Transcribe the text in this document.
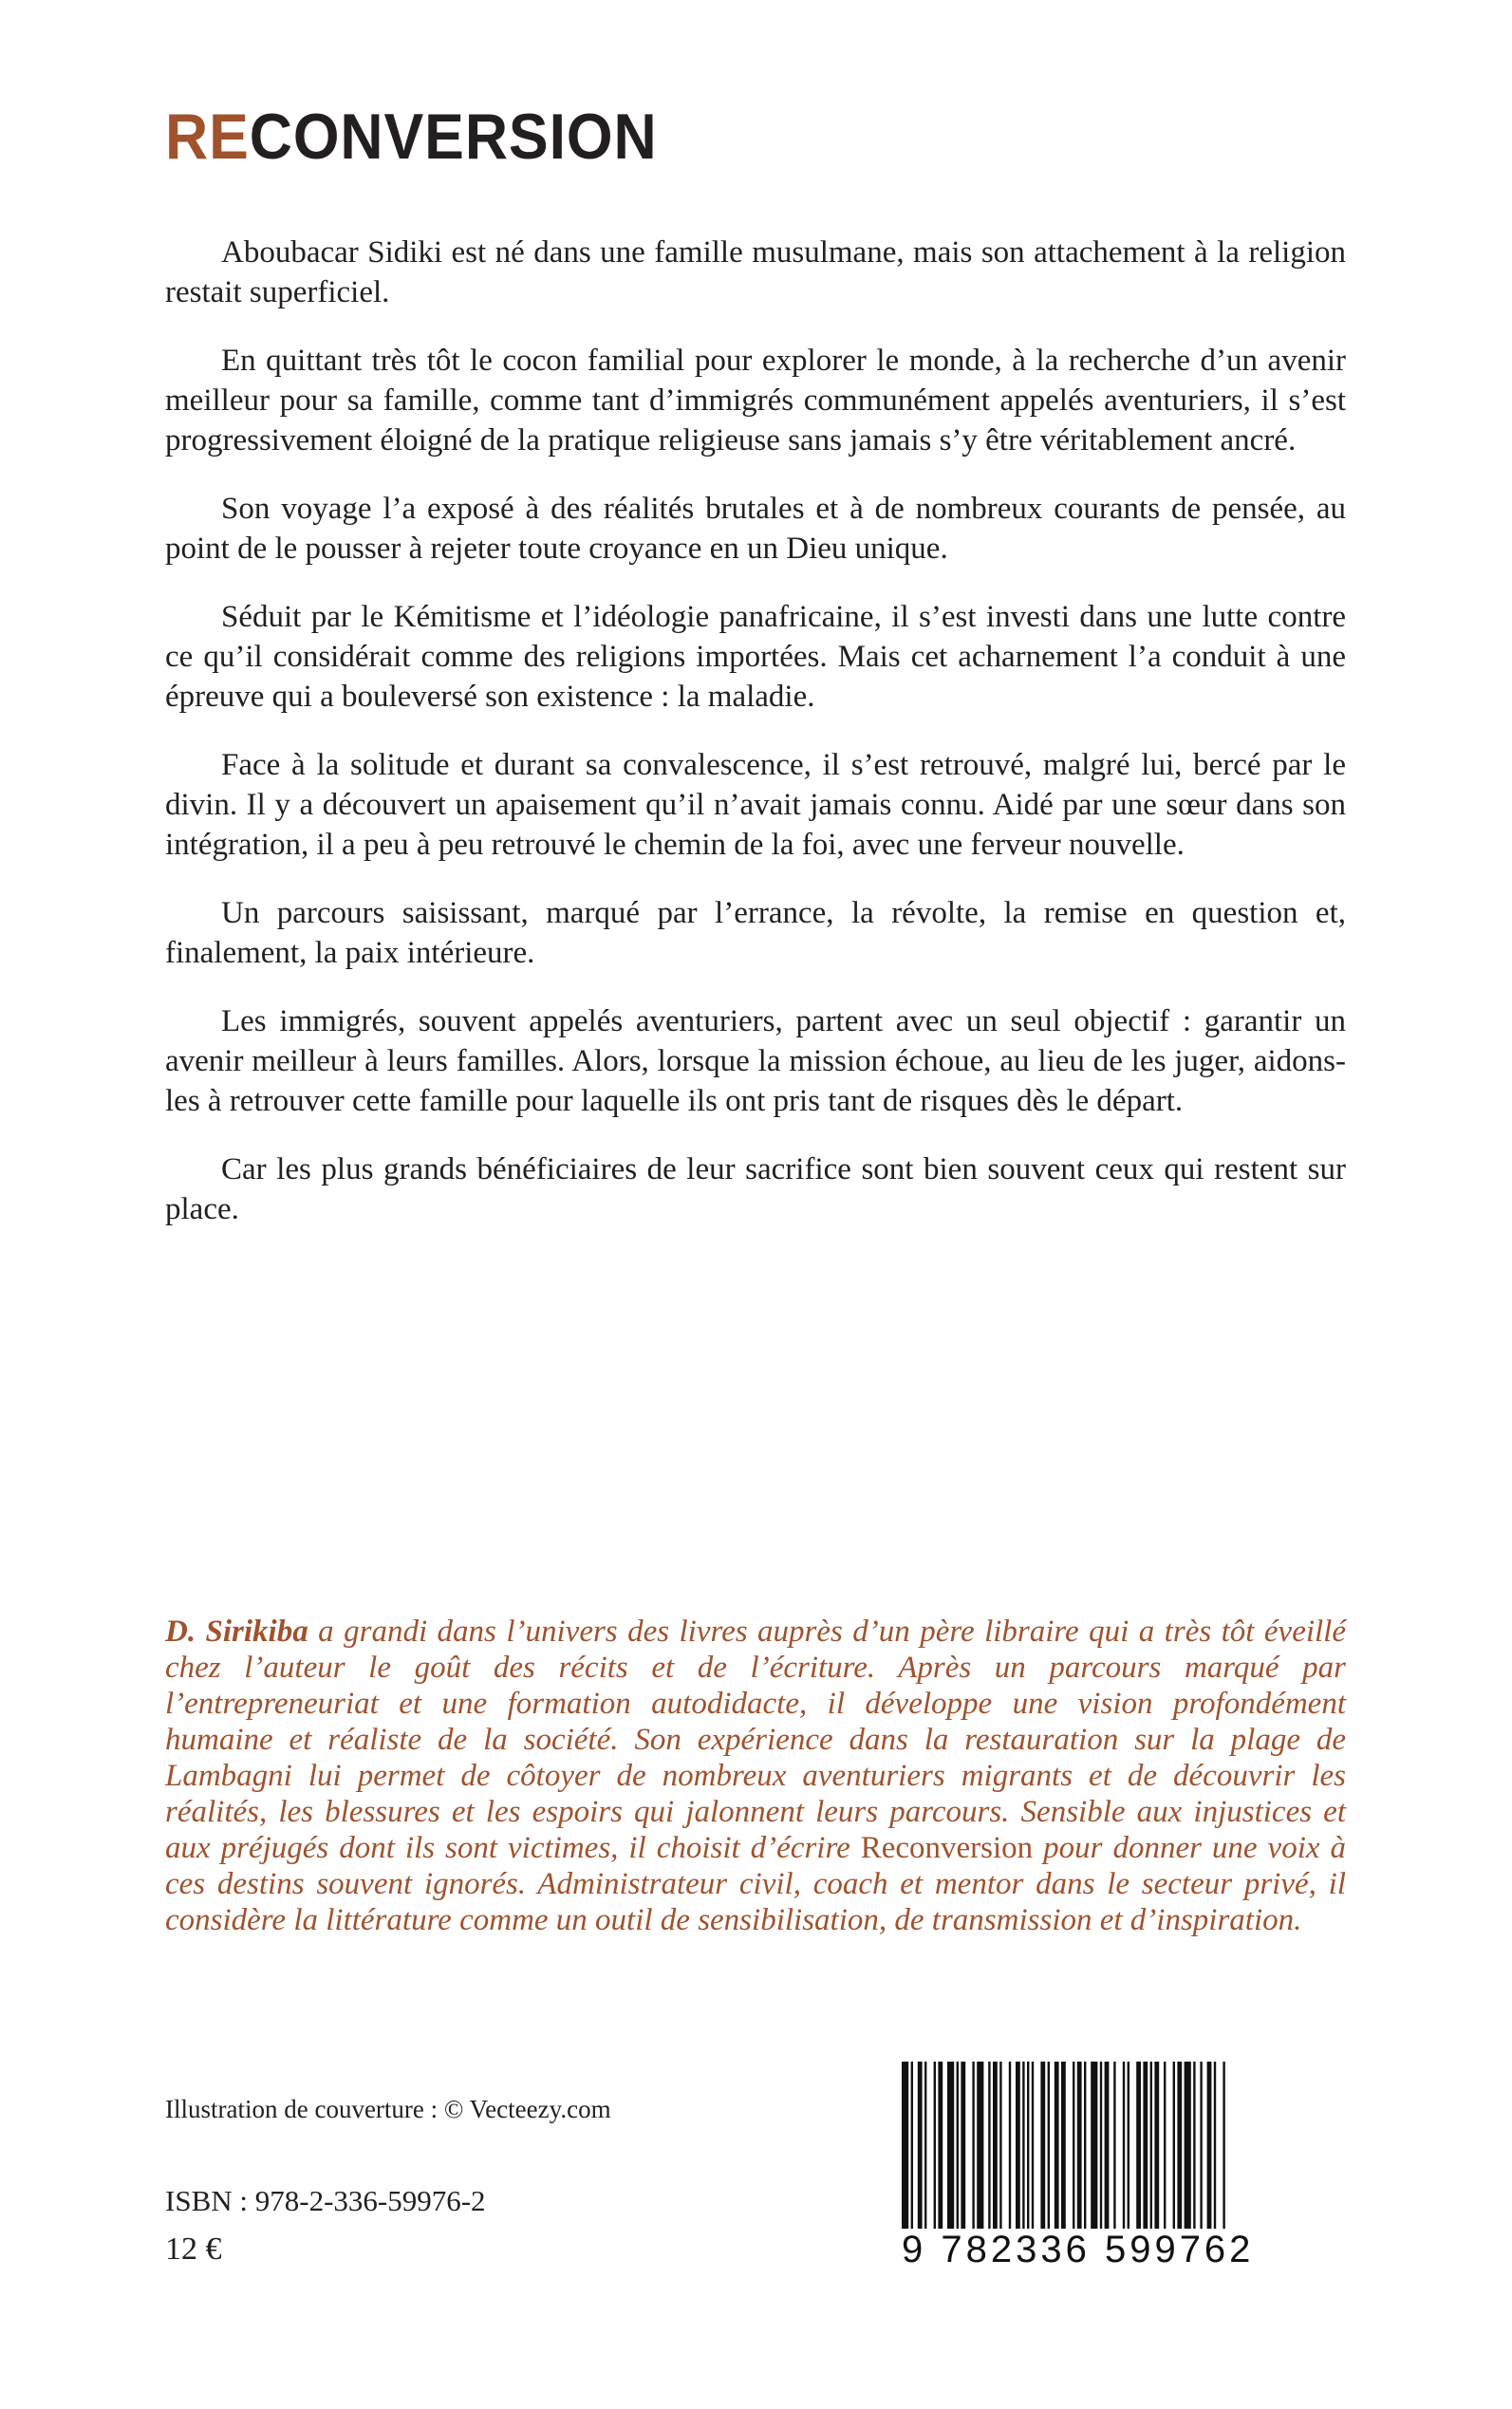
RECONVERSION

Aboubacar Sidiki est né dans une famille musulmane, mais son attachement à la religion restait superficiel.

En quittant très tôt le cocon familial pour explorer le monde, à la recherche d’un avenir meilleur pour sa famille, comme tant d’immigrés communément appelés aventuriers, il s’est progressivement éloigné de la pratique religieuse sans jamais s’y être véritablement ancré.

Son voyage l’a exposé à des réalités brutales et à de nombreux courants de pensée, au point de le pousser à rejeter toute croyance en un Dieu unique.

Séduit par le Kémitisme et l’idéologie panafricaine, il s’est investi dans une lutte contre ce qu’il considérait comme des religions importées. Mais cet acharnement l’a conduit à une épreuve qui a bouleversé son existence : la maladie.

Face à la solitude et durant sa convalescence, il s’est retrouvé, malgré lui, bercé par le divin. Il y a découvert un apaisement qu’il n’avait jamais connu. Aidé par une sœur dans son intégration, il a peu à peu retrouvé le chemin de la foi, avec une ferveur nouvelle.

Un parcours saisissant, marqué par l’errance, la révolte, la remise en question et, finalement, la paix intérieure.

Les immigrés, souvent appelés aventuriers, partent avec un seul objectif : garantir un avenir meilleur à leurs familles. Alors, lorsque la mission échoue, au lieu de les juger, aidons-les à retrouver cette famille pour laquelle ils ont pris tant de risques dès le départ.

Car les plus grands bénéficiaires de leur sacrifice sont bien souvent ceux qui restent sur place.

D. Sirikiba a grandi dans l’univers des livres auprès d’un père libraire qui a très tôt éveillé chez l’auteur le goût des récits et de l’écriture. Après un parcours marqué par l’entrepreneuriat et une formation autodidacte, il développe une vision profondément humaine et réaliste de la société. Son expérience dans la restauration sur la plage de Lambagni lui permet de côtoyer de nombreux aventuriers migrants et de découvrir les réalités, les blessures et les espoirs qui jalonnent leurs parcours. Sensible aux injustices et aux préjugés dont ils sont victimes, il choisit d’écrire Reconversion pour donner une voix à ces destins souvent ignorés. Administrateur civil, coach et mentor dans le secteur privé, il considère la littérature comme un outil de sensibilisation, de transmission et d’inspiration.

Illustration de couverture : © Vecteezy.com
ISBN : 978-2-336-59976-2
12 €	9 782336 599762
